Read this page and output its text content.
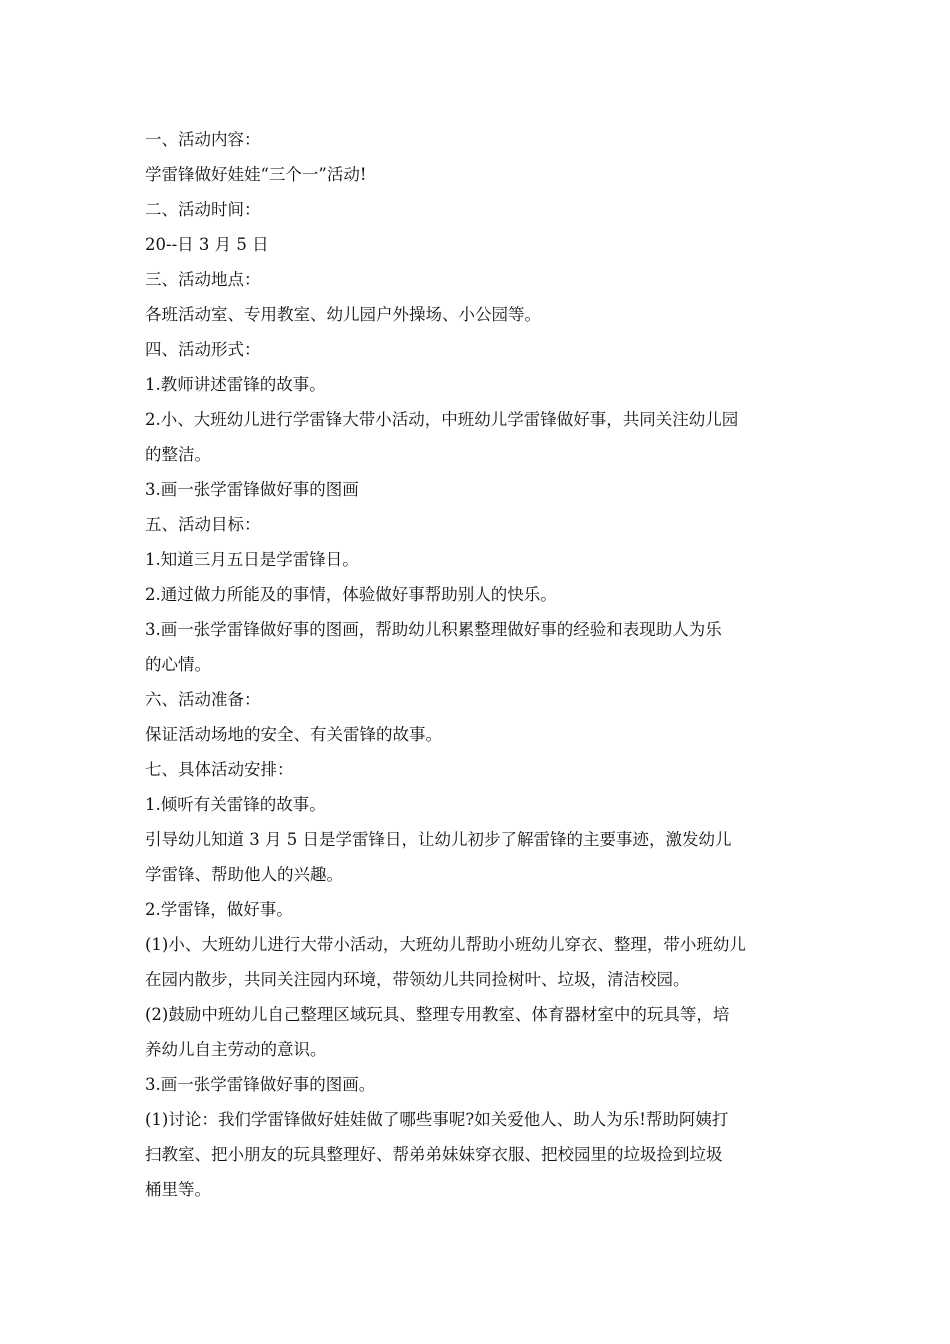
一、活动内容：

学雷锋做好娃娃“三个一”活动!

二、活动时间：

20--日 3 月 5 日

三、活动地点：

各班活动室、专用教室、幼儿园户外操场、小公园等。

四、活动形式：

1.教师讲述雷锋的故事。

2.小、大班幼儿进行学雷锋大带小活动，中班幼儿学雷锋做好事，共同关注幼儿园

的整洁。

3.画一张学雷锋做好事的图画

五、活动目标：

1.知道三月五日是学雷锋日。

2.通过做力所能及的事情，体验做好事帮助别人的快乐。

3.画一张学雷锋做好事的图画，帮助幼儿积累整理做好事的经验和表现助人为乐

的心情。

六、活动准备：

保证活动场地的安全、有关雷锋的故事。

七、具体活动安排：

1.倾听有关雷锋的故事。

引导幼儿知道 3 月 5 日是学雷锋日，让幼儿初步了解雷锋的主要事迹，激发幼儿

学雷锋、帮助他人的兴趣。

2.学雷锋，做好事。

(1)小、大班幼儿进行大带小活动，大班幼儿帮助小班幼儿穿衣、整理，带小班幼儿

在园内散步，共同关注园内环境，带领幼儿共同捡树叶、垃圾，清洁校园。

(2)鼓励中班幼儿自己整理区域玩具、整理专用教室、体育器材室中的玩具等，培

养幼儿自主劳动的意识。

3.画一张学雷锋做好事的图画。

(1)讨论：我们学雷锋做好娃娃做了哪些事呢?如关爱他人、助人为乐!帮助阿姨打

扫教室、把小朋友的玩具整理好、帮弟弟妹妹穿衣服、把校园里的垃圾捡到垃圾

桶里等。
